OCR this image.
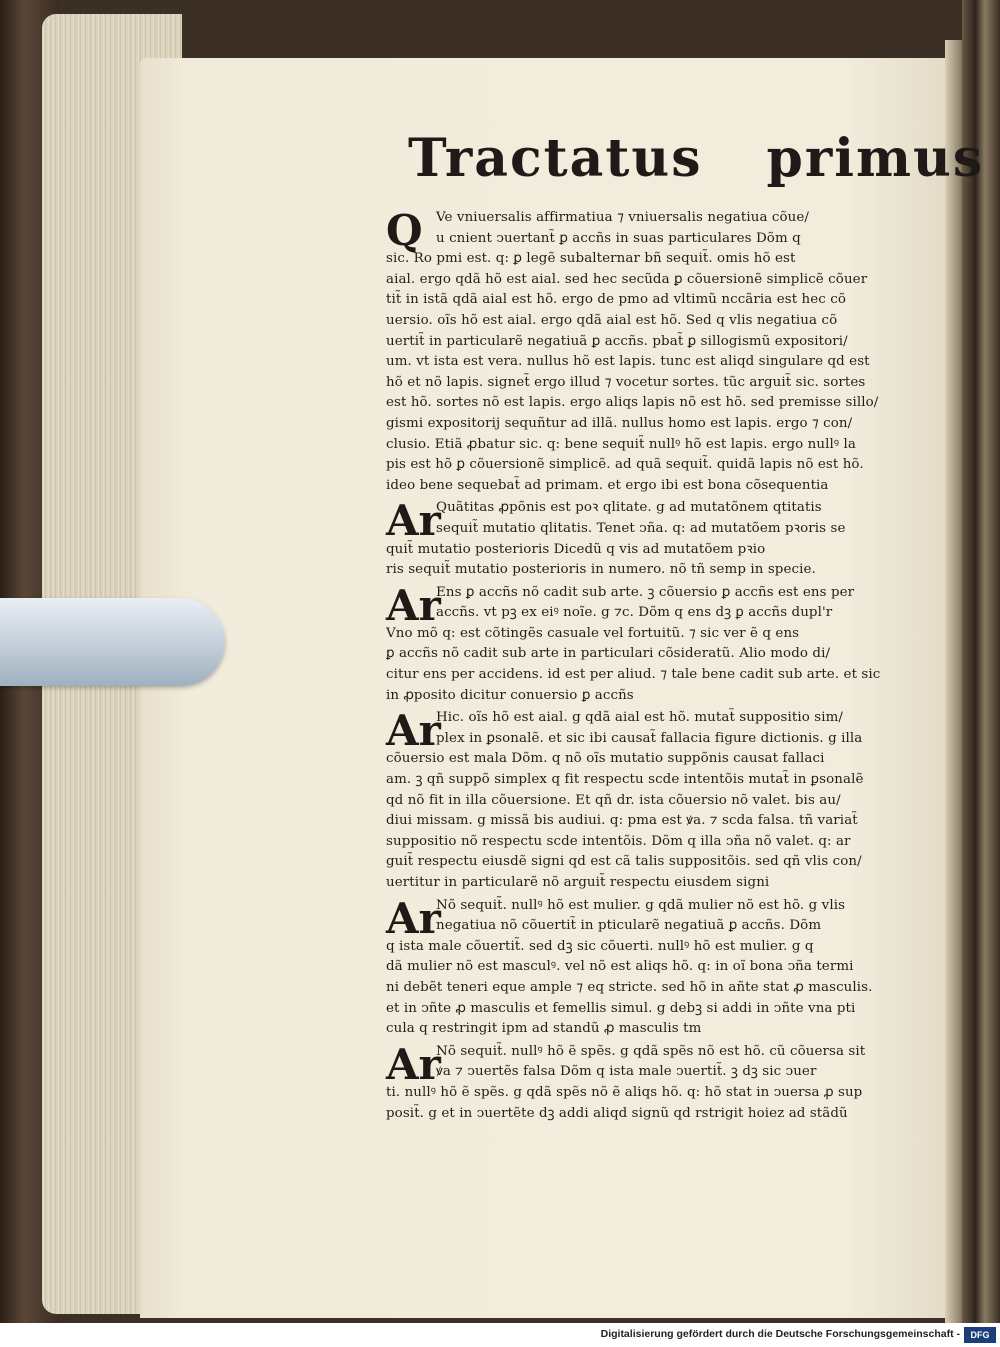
Tractatus primus
Q	Ve vniuersalis affirmatiua ⁊ vniuersalis negatiua cõue/
u cnient ↄuertant̃ ꝑ accñs in suas particulares Dõm q
sic. Ro pmi est. q: ꝑ legẽ subalternar bñ sequit̃. omis hõ est
aial. ergo qdã hõ est aial. sed hec secũda ꝑ cõuersionẽ simplicẽ cõuer
tit̃ in istã qdã aial est hõ. ergo de pmo ad vltimũ nccãria est hec cõ
uersio. oĩs hõ est aial. ergo qdã aial est hõ. Sed q vlis negatiua cõ
uertit̃ in particularẽ negatiuã ꝑ accñs. pbat̃ ꝑ sillogismũ expositori/
um. vt ista est vera. nullus hõ est lapis. tunc est aliqd singulare qd est
hõ et nõ lapis. signet̃ ergo illud ⁊ vocetur sortes. tũc arguit̃ sic. sortes
est hõ. sortes nõ est lapis. ergo aliqs lapis nõ est hõ. sed premisse sillo/
gismi expositorij sequñtur ad illã. nullus homo est lapis. ergo ⁊ con/
clusio. Etiã ꝓbatur sic. q: bene sequit̃ nullꝰ hõ est lapis. ergo nullꝰ la
pis est hõ ꝑ cõuersionẽ simplicẽ. ad quã sequit̃. quidã lapis nõ est hõ.
ideo bene sequebat̃ ad primam. et ergo ibi est bona cõsequentia
Ar
Quãtitas ꝓpõnis est poꝛ qlitate. g ad mutatõnem qtitatis
sequit̃ mutatio qlitatis. Tenet ↄña. q: ad mutatõem pꝛoris se
quit̃ mutatio posterioris Dicedũ q vis ad mutatõem pꝛio
ris sequit̃ mutatio posterioris in numero. nõ tñ semp in specie.
Ar
Ens ꝑ accñs nõ cadit sub arte. ꝫ cõuersio ꝑ accñs est ens per
accñs. vt pꝫ ex eiꝰ noĩe. g ⁊c. Dõm q ens dꝫ ꝑ accñs dupl'r
Vno mõ q: est cõtingẽs casuale vel fortuitũ. ⁊ sic ver ẽ q ens
ꝑ accñs nõ cadit sub arte in particulari cõsideratũ. Alio modo di/
citur ens per accidens. id est per aliud. ⁊ tale bene cadit sub arte. et sic
in ꝓposito dicitur conuersio ꝑ accñs
Ar
Hic. oĩs hõ est aial. g qdã aial est hõ. mutat̃ suppositio sim/
plex in ꝑsonalẽ. et sic ibi causat̃ fallacia figure dictionis. g illa
cõuersio est mala Dõm. q nõ oĩs mutatio suppõnis causat fallaci
am. ꝫ qñ suppõ simplex q fit respectu scde intentõis mutat̃ in ꝑsonalẽ
qd nõ fit in illa cõuersione. Et qñ dr. ista cõuersio nõ valet. bis au/
diui missam. g missã bis audiui. q: pma est ꝟa. ⁊ scda falsa. tñ variat̃
suppositio nõ respectu scde intentõis. Dõm q illa ↄña nõ valet. q: ar
guit̃ respectu eiusdẽ signi qd est cã talis suppositõis. sed qñ vlis con/
uertitur in particularẽ nõ arguit̃ respectu eiusdem signi
Ar
Nõ sequit̃. nullꝰ hõ est mulier. g qdã mulier nõ est hõ. g vlis
negatiua nõ cõuertit̃ in pticularẽ negatiuã ꝑ accñs. Dõm
q ista male cõuertit̃. sed dꝫ sic cõuerti. nullꝰ hõ est mulier. g q
dã mulier nõ est masculꝰ. vel nõ est aliqs hõ. q: in oĩ bona ↄña termi
ni debẽt teneri eque ample ⁊ eq stricte. sed hõ in añte stat ꝓ masculis.
et in ↄñte ꝓ masculis et femellis simul. g debꝫ si addi in ↄñte vna pti
cula q restringit ipm ad standũ ꝓ masculis tm
Ar
Nõ sequit̃. nullꝰ hõ ẽ spẽs. g qdã spẽs nõ est hõ. cũ cõuersa sit
ꝟa ⁊ ↄuertẽs falsa Dõm q ista male ↄuertit̃. ꝫ dꝫ sic ↄuer
ti. nullꝰ hõ ẽ spẽs. g qdã spẽs nõ ẽ aliqs hõ. q: hõ stat in ↄuersa ꝓ sup
posit̃. g et in ↄuertẽte dꝫ addi aliqd signũ qd rstrigit hoiez ad stãdũ
Digitalisierung gefördert durch die Deutsche Forschungsgemeinschaft -	DFG
